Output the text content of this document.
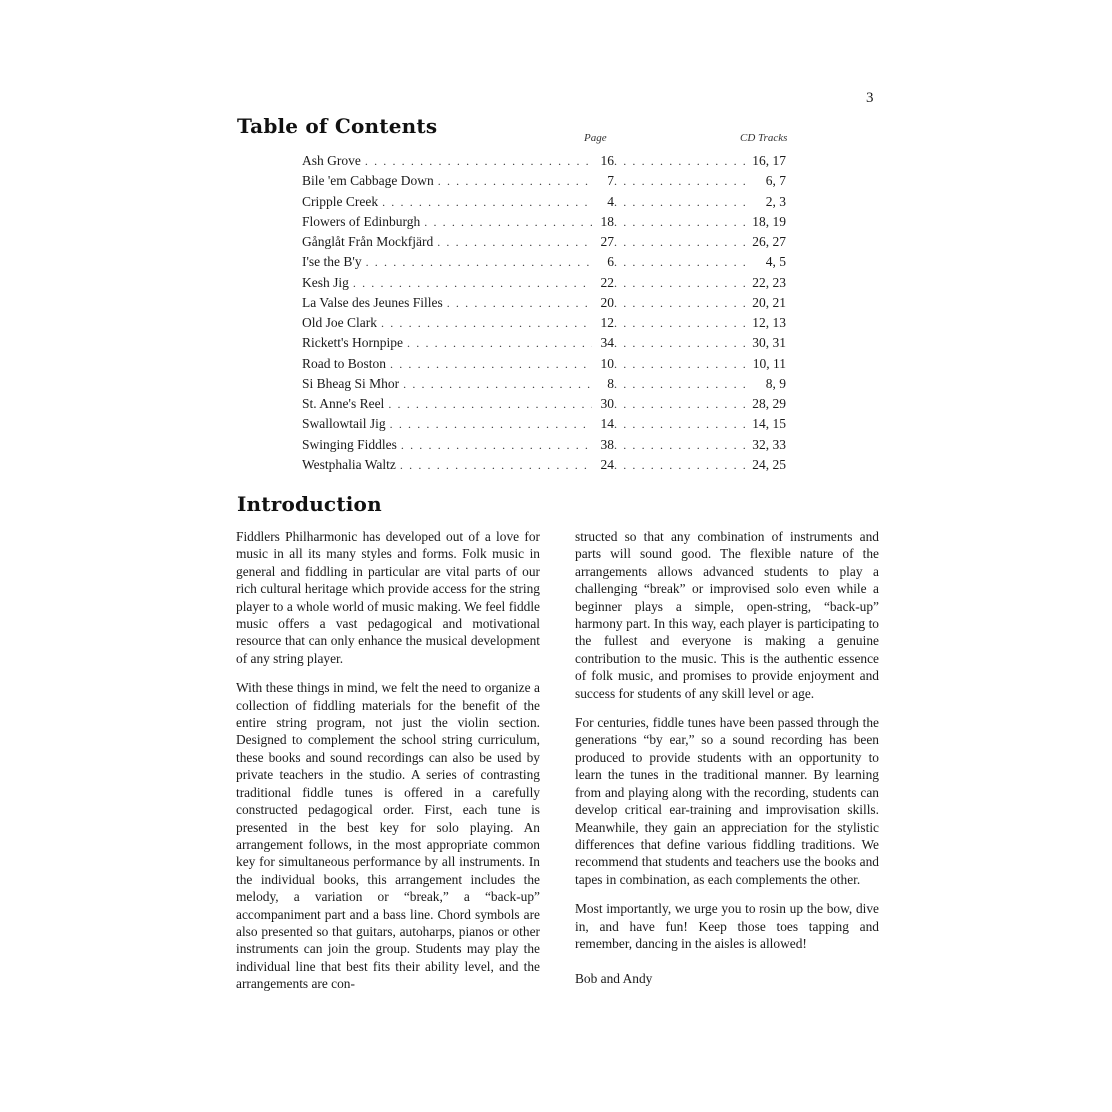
3
Table of Contents	Page	CD Tracks
Ash Grove . . .	16 . . .	16, 17
Bile 'em Cabbage Down . . .	7 . . .	6, 7
Cripple Creek . . .	4 . . .	2, 3
Flowers of Edinburgh . . .	18 . . .	18, 19
Gånglåt Från Mockfjärd . . .	27 . . .	26, 27
I'se the B'y . . .	6 . . .	4, 5
Kesh Jig . . .	22 . . .	22, 23
La Valse des Jeunes Filles . . .	20 . . .	20, 21
Old Joe Clark . . .	12 . . .	12, 13
Rickett's Hornpipe . . .	34 . . .	30, 31
Road to Boston . . .	10 . . .	10, 11
Si Bheag Si Mhor . . .	8 . . .	8, 9
St. Anne's Reel . . .	30 . . .	28, 29
Swallowtail Jig . . .	14 . . .	14, 15
Swinging Fiddles . . .	38 . . .	32, 33
Westphalia Waltz . . .	24 . . .	24, 25
Introduction

Fiddlers Philharmonic has developed out of a love for music in all its many styles and forms. Folk music in general and fiddling in particular are vital parts of our rich cultural heritage which provide access for the string player to a whole world of music making. We feel fiddle music offers a vast pedagogical and motivational resource that can only enhance the musical development of any string player.

With these things in mind, we felt the need to organize a collection of fiddling materials for the benefit of the entire string program, not just the violin section. Designed to complement the school string curriculum, these books and sound recordings can also be used by private teachers in the studio. A series of contrasting traditional fiddle tunes is offered in a carefully constructed pedagogical order. First, each tune is presented in the best key for solo playing. An arrangement follows, in the most appropriate common key for simultaneous performance by all instruments. In the individual books, this arrangement includes the melody, a variation or “break,” a “back-up” accompaniment part and a bass line. Chord symbols are also presented so that guitars, autoharps, pianos or other instruments can join the group. Students may play the individual line that best fits their ability level, and the arrangements are con-

structed so that any combination of instruments and parts will sound good. The flexible nature of the arrangements allows advanced students to play a challenging “break” or improvised solo even while a beginner plays a simple, open-string, “back-up” harmony part. In this way, each player is participating to the fullest and everyone is making a genuine contribution to the music. This is the authentic essence of folk music, and promises to provide enjoyment and success for students of any skill level or age.

For centuries, fiddle tunes have been passed through the generations “by ear,” so a sound recording has been produced to provide students with an opportunity to learn the tunes in the traditional manner. By learning from and playing along with the recording, students can develop critical ear-training and improvisation skills. Meanwhile, they gain an appreciation for the stylistic differences that define various fiddling traditions. We recommend that students and teachers use the books and tapes in combination, as each complements the other.

Most importantly, we urge you to rosin up the bow, dive in, and have fun! Keep those toes tapping and remember, dancing in the aisles is allowed!

Bob and Andy
